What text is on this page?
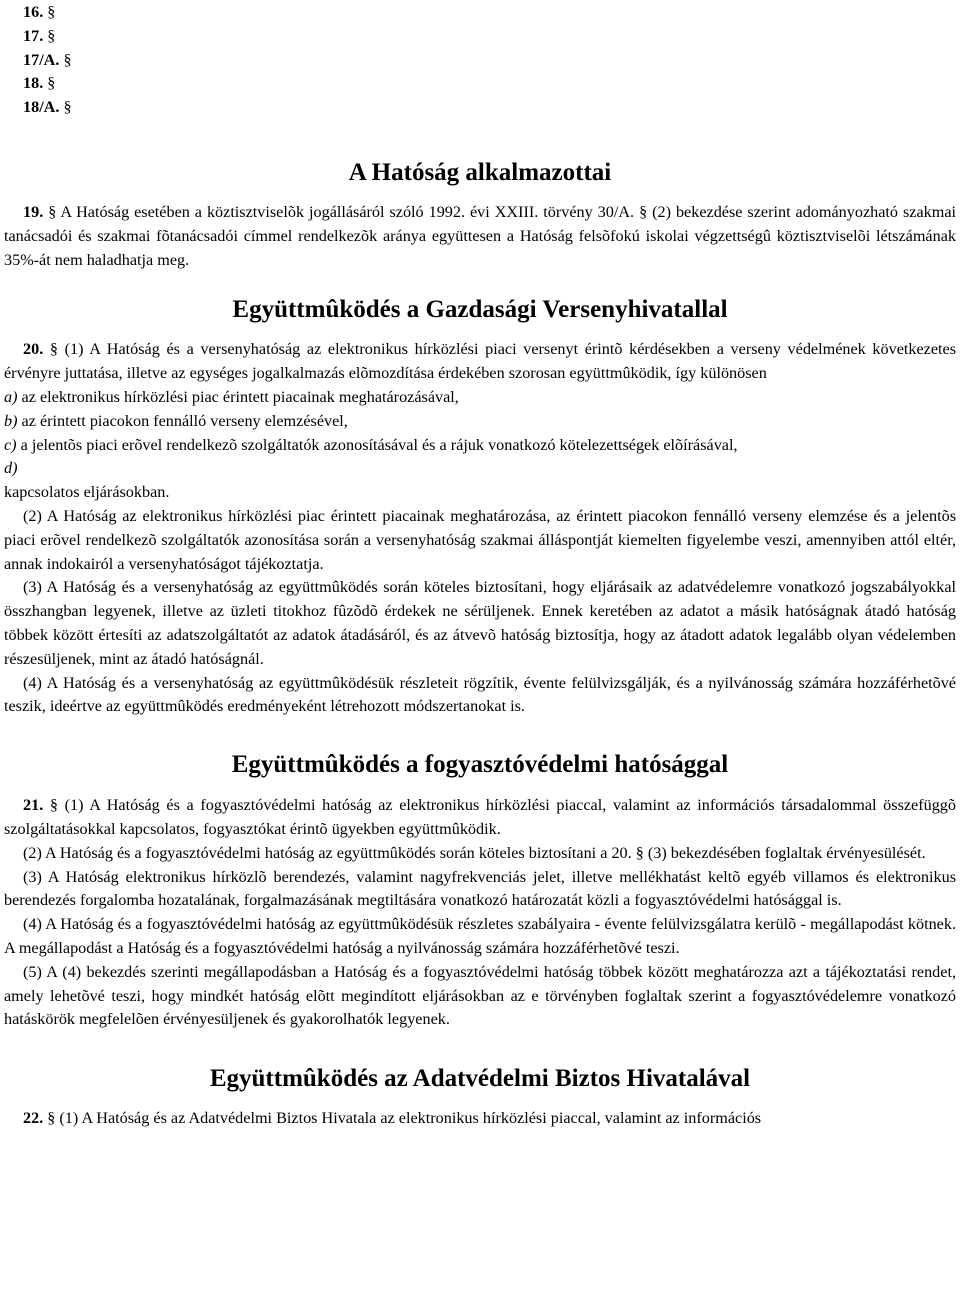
16. §
17. §
17/A. §
18. §
18/A. §
A Hatóság alkalmazottai

19. § A Hatóság esetében a köztisztviselõk jogállásáról szóló 1992. évi XXIII. törvény 30/A. § (2) bekezdése szerint adományozható szakmai tanácsadói és szakmai fõtanácsadói címmel rendelkezõk aránya együttesen a Hatóság felsõfokú iskolai végzettségû köztisztviselõi létszámának 35%-át nem haladhatja meg.

Együttmûködés a Gazdasági Versenyhivatallal

20. § (1) A Hatóság és a versenyhatóság az elektronikus hírközlési piaci versenyt érintõ kérdésekben a verseny védelmének következetes érvényre juttatása, illetve az egységes jogalkalmazás elõmozdítása érdekében szorosan együttmûködik, így különösen

a) az elektronikus hírközlési piac érintett piacainak meghatározásával,

b) az érintett piacokon fennálló verseny elemzésével,

c) a jelentõs piaci erõvel rendelkezõ szolgáltatók azonosításával és a rájuk vonatkozó kötelezettségek elõírásával,

d)

kapcsolatos eljárásokban.

(2) A Hatóság az elektronikus hírközlési piac érintett piacainak meghatározása, az érintett piacokon fennálló verseny elemzése és a jelentõs piaci erõvel rendelkezõ szolgáltatók azonosítása során a versenyhatóság szakmai álláspontját kiemelten figyelembe veszi, amennyiben attól eltér, annak indokairól a versenyhatóságot tájékoztatja.

(3) A Hatóság és a versenyhatóság az együttmûködés során köteles biztosítani, hogy eljárásaik az adatvédelemre vonatkozó jogszabályokkal összhangban legyenek, illetve az üzleti titokhoz fûzõdõ érdekek ne sérüljenek. Ennek keretében az adatot a másik hatóságnak átadó hatóság többek között értesíti az adatszolgáltatót az adatok átadásáról, és az átvevõ hatóság biztosítja, hogy az átadott adatok legalább olyan védelemben részesüljenek, mint az átadó hatóságnál.

(4) A Hatóság és a versenyhatóság az együttmûködésük részleteit rögzítik, évente felülvizsgálják, és a nyilvánosság számára hozzáférhetõvé teszik, ideértve az együttmûködés eredményeként létrehozott módszertanokat is.

Együttmûködés a fogyasztóvédelmi hatósággal

21. § (1) A Hatóság és a fogyasztóvédelmi hatóság az elektronikus hírközlési piaccal, valamint az információs társadalommal összefüggõ szolgáltatásokkal kapcsolatos, fogyasztókat érintõ ügyekben együttmûködik.

(2) A Hatóság és a fogyasztóvédelmi hatóság az együttmûködés során köteles biztosítani a 20. § (3) bekezdésében foglaltak érvényesülését.

(3) A Hatóság elektronikus hírközlõ berendezés, valamint nagyfrekvenciás jelet, illetve mellékhatást keltõ egyéb villamos és elektronikus berendezés forgalomba hozatalának, forgalmazásának megtiltására vonatkozó határozatát közli a fogyasztóvédelmi hatósággal is.

(4) A Hatóság és a fogyasztóvédelmi hatóság az együttmûködésük részletes szabályaira - évente felülvizsgálatra kerülõ - megállapodást kötnek. A megállapodást a Hatóság és a fogyasztóvédelmi hatóság a nyilvánosság számára hozzáférhetõvé teszi.

(5) A (4) bekezdés szerinti megállapodásban a Hatóság és a fogyasztóvédelmi hatóság többek között meghatározza azt a tájékoztatási rendet, amely lehetõvé teszi, hogy mindkét hatóság elõtt megindított eljárásokban az e törvényben foglaltak szerint a fogyasztóvédelemre vonatkozó hatáskörök megfelelõen érvényesüljenek és gyakorolhatók legyenek.

Együttmûködés az Adatvédelmi Biztos Hivatalával

22. § (1) A Hatóság és az Adatvédelmi Biztos Hivatala az elektronikus hírközlési piaccal, valamint az információs
